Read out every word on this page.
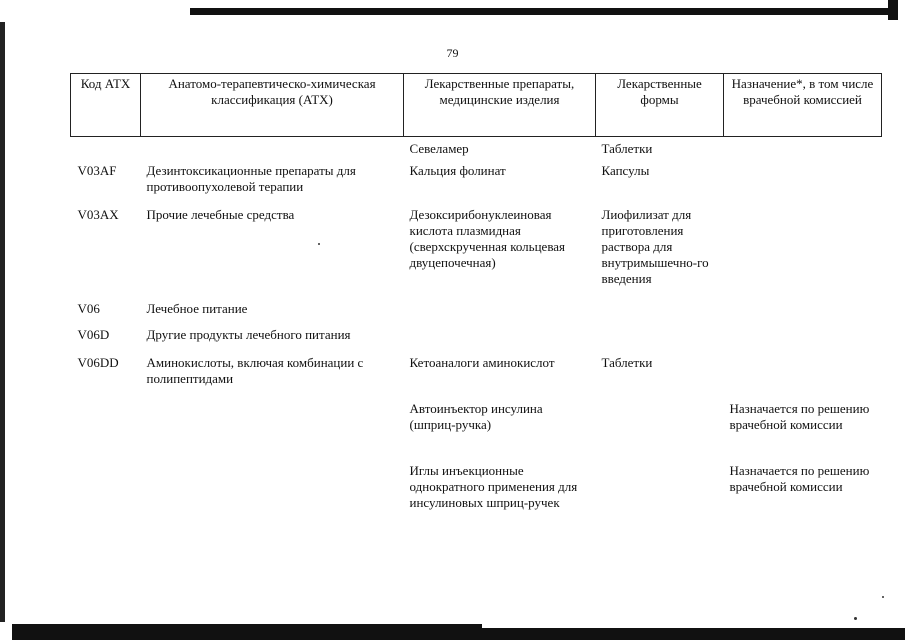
79
Код АТХ	Анатомо-терапевтическо-химическая классификация (АТХ)	Лекарственные препараты, медицинские изделия	Лекарственные формы	Назначение*, в том числе врачебной комиссией
		Севеламер	Таблетки	
V03AF	Дезинтоксикационные препараты для противоопухолевой терапии	Кальция фолинат	Капсулы	
V03AX	Прочие лечебные средства	Дезоксирибонуклеиновая кислота плазмидная (сверхскрученная кольцевая двуцепочечная)	Лиофилизат для приготовления раствора для внутримышечно-го введения	
V06	Лечебное питание			
V06D	Другие продукты лечебного питания			
V06DD	Аминокислоты, включая комбинации с полипептидами	Кетоаналоги аминокислот	Таблетки	
		Автоинъектор инсулина (шприц-ручка)		Назначается по решению врачебной комиссии
		Иглы инъекционные однократного применения для инсулиновых шприц-ручек		Назначается по решению врачебной комиссии
